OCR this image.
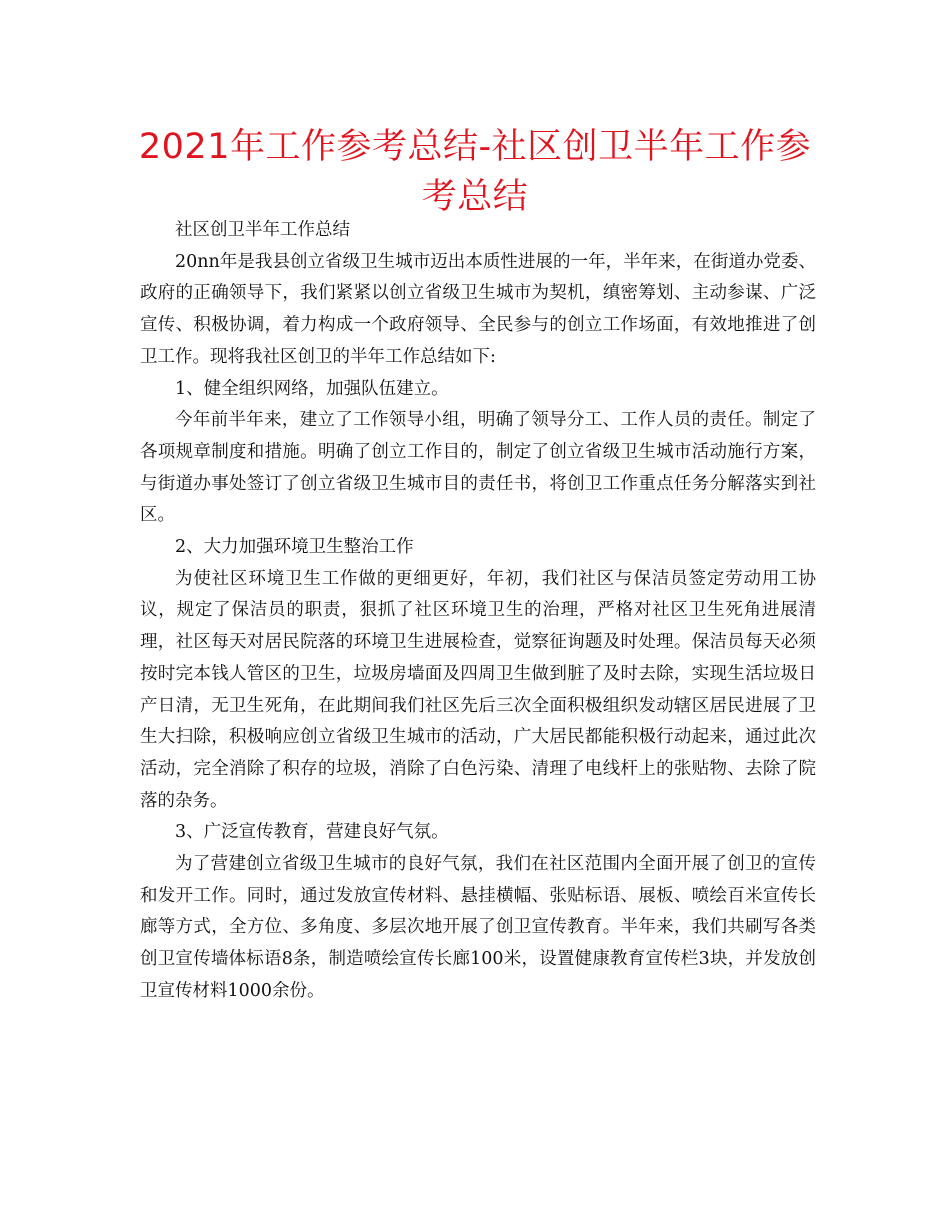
2021年工作参考总结-社区创卫半年工作参考总结

社区创卫半年工作总结

20nn年是我县创立省级卫生城市迈出本质性进展的一年，半年来，在街道办党委、政府的正确领导下，我们紧紧以创立省级卫生城市为契机，缜密筹划、主动参谋、广泛宣传、积极协调，着力构成一个政府领导、全民参与的创立工作场面，有效地推进了创卫工作。现将我社区创卫的半年工作总结如下:

1、健全组织网络，加强队伍建立。

今年前半年来，建立了工作领导小组，明确了领导分工、工作人员的责任。制定了各项规章制度和措施。明确了创立工作目的，制定了创立省级卫生城市活动施行方案，与街道办事处签订了创立省级卫生城市目的责任书，将创卫工作重点任务分解落实到社区。

2、大力加强环境卫生整治工作

为使社区环境卫生工作做的更细更好，年初，我们社区与保洁员签定劳动用工协议，规定了保洁员的职责，狠抓了社区环境卫生的治理，严格对社区卫生死角进展清理，社区每天对居民院落的环境卫生进展检查，觉察征询题及时处理。保洁员每天必须按时完本钱人管区的卫生，垃圾房墙面及四周卫生做到脏了及时去除，实现生活垃圾日产日清，无卫生死角，在此期间我们社区先后三次全面积极组织发动辖区居民进展了卫生大扫除，积极响应创立省级卫生城市的活动，广大居民都能积极行动起来，通过此次活动，完全消除了积存的垃圾，消除了白色污染、清理了电线杆上的张贴物、去除了院落的杂务。

3、广泛宣传教育，营建良好气氛。

为了营建创立省级卫生城市的良好气氛，我们在社区范围内全面开展了创卫的宣传和发开工作。同时，通过发放宣传材料、悬挂横幅、张贴标语、展板、喷绘百米宣传长廊等方式，全方位、多角度、多层次地开展了创卫宣传教育。半年来，我们共刷写各类创卫宣传墙体标语8条，制造喷绘宣传长廊100米，设置健康教育宣传栏3块，并发放创卫宣传材料1000余份。
